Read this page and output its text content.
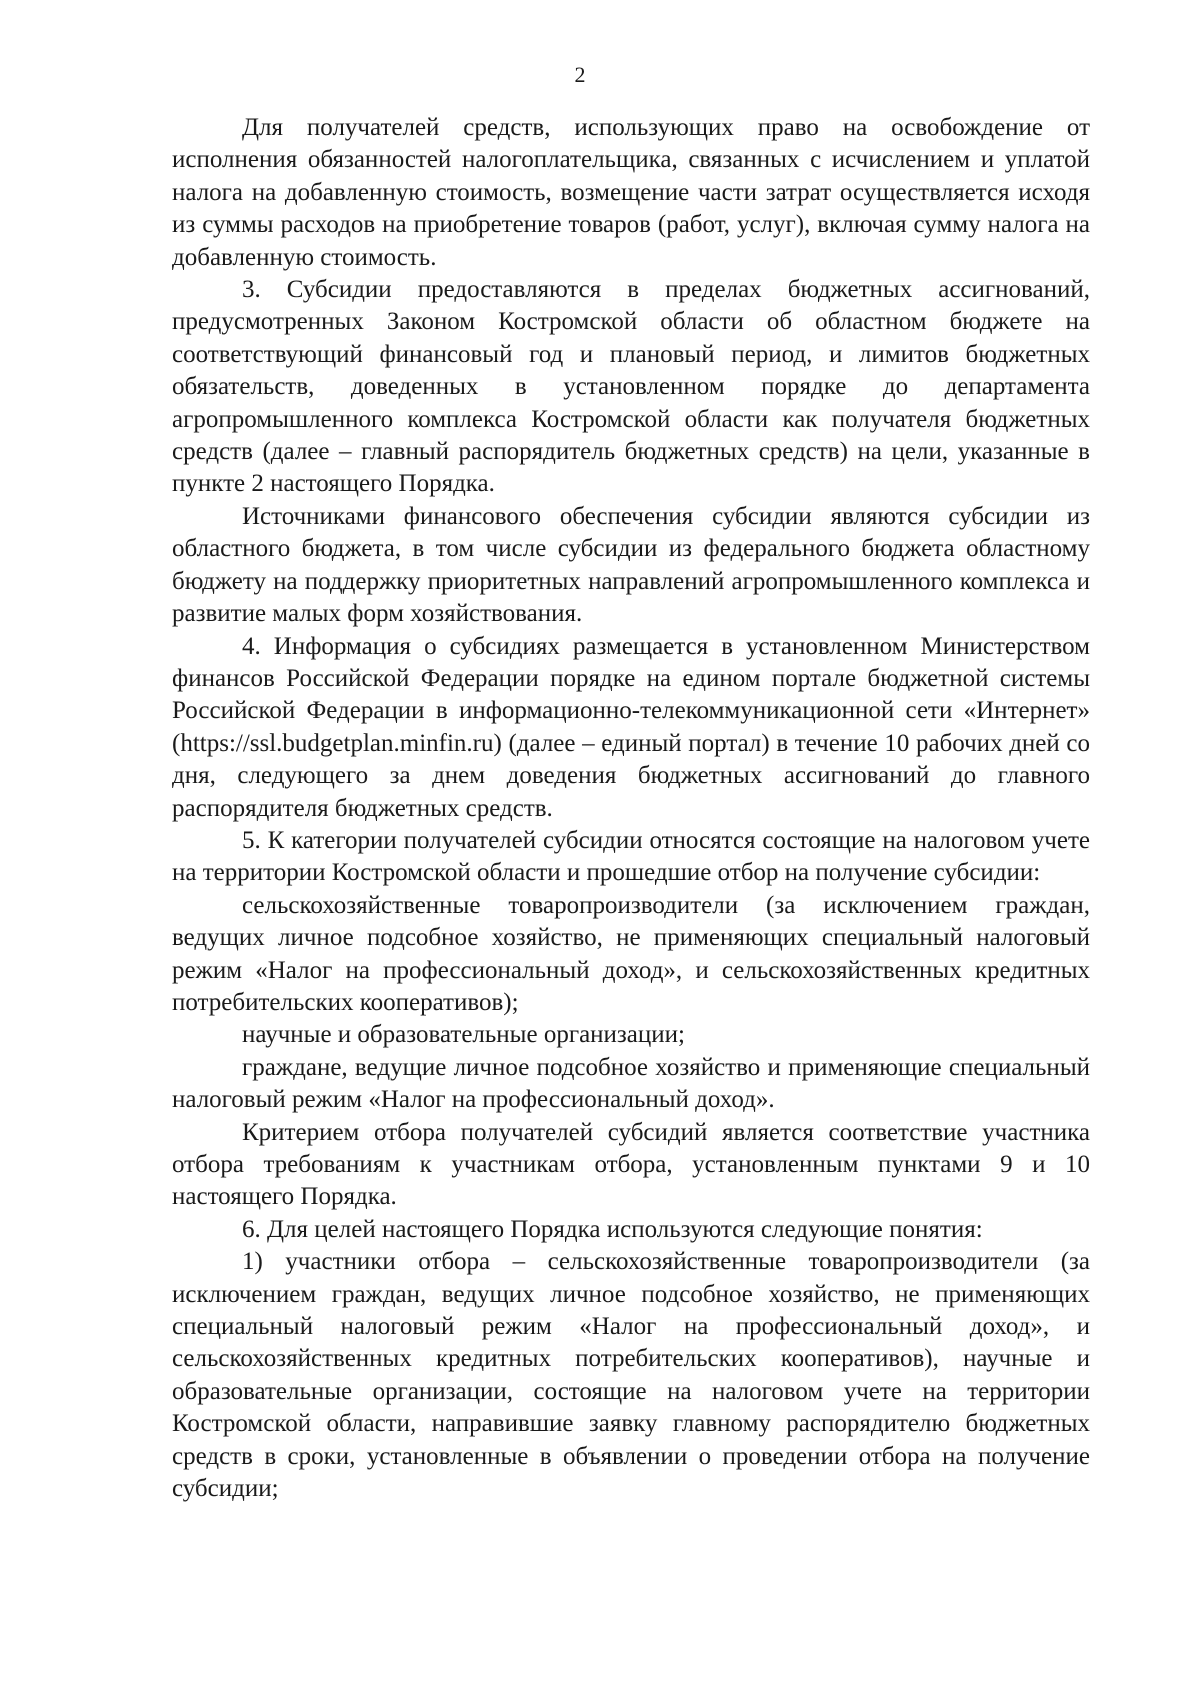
2

Для получателей средств, использующих право на освобождение от исполнения обязанностей налогоплательщика, связанных с исчислением и уплатой налога на добавленную стоимость, возмещение части затрат осуществляется исходя из суммы расходов на приобретение товаров (работ, услуг), включая сумму налога на добавленную стоимость.

3. Субсидии предоставляются в пределах бюджетных ассигнований, предусмотренных Законом Костромской области об областном бюджете на соответствующий финансовый год и плановый период, и лимитов бюджетных обязательств, доведенных в установленном порядке до департамента агропромышленного комплекса Костромской области как получателя бюджетных средств (далее – главный распорядитель бюджетных средств) на цели, указанные в пункте 2 настоящего Порядка.

Источниками финансового обеспечения субсидии являются субсидии из областного бюджета, в том числе субсидии из федерального бюджета областному бюджету на поддержку приоритетных направлений агропромышленного комплекса и развитие малых форм хозяйствования.

4. Информация о субсидиях размещается в установленном Министерством финансов Российской Федерации порядке на едином портале бюджетной системы Российской Федерации в информационно-телекоммуникационной сети «Интернет» (https://ssl.budgetplan.minfin.ru) (далее – единый портал) в течение 10 рабочих дней со дня, следующего за днем доведения бюджетных ассигнований до главного распорядителя бюджетных средств.

5. К категории получателей субсидии относятся состоящие на налоговом учете на территории Костромской области и прошедшие отбор на получение субсидии:

сельскохозяйственные товаропроизводители (за исключением граждан, ведущих личное подсобное хозяйство, не применяющих специальный налоговый режим «Налог на профессиональный доход», и сельскохозяйственных кредитных потребительских кооперативов);

научные и образовательные организации;

граждане, ведущие личное подсобное хозяйство и применяющие специальный налоговый режим «Налог на профессиональный доход».

Критерием отбора получателей субсидий является соответствие участника отбора требованиям к участникам отбора, установленным пунктами 9 и 10 настоящего Порядка.

6. Для целей настоящего Порядка используются следующие понятия:

1) участники отбора – сельскохозяйственные товаропроизводители (за исключением граждан, ведущих личное подсобное хозяйство, не применяющих специальный налоговый режим «Налог на профессиональный доход», и сельскохозяйственных кредитных потребительских кооперативов), научные и образовательные организации, состоящие на налоговом учете на территории Костромской области, направившие заявку главному распорядителю бюджетных средств в сроки, установленные в объявлении о проведении отбора на получение субсидии;
